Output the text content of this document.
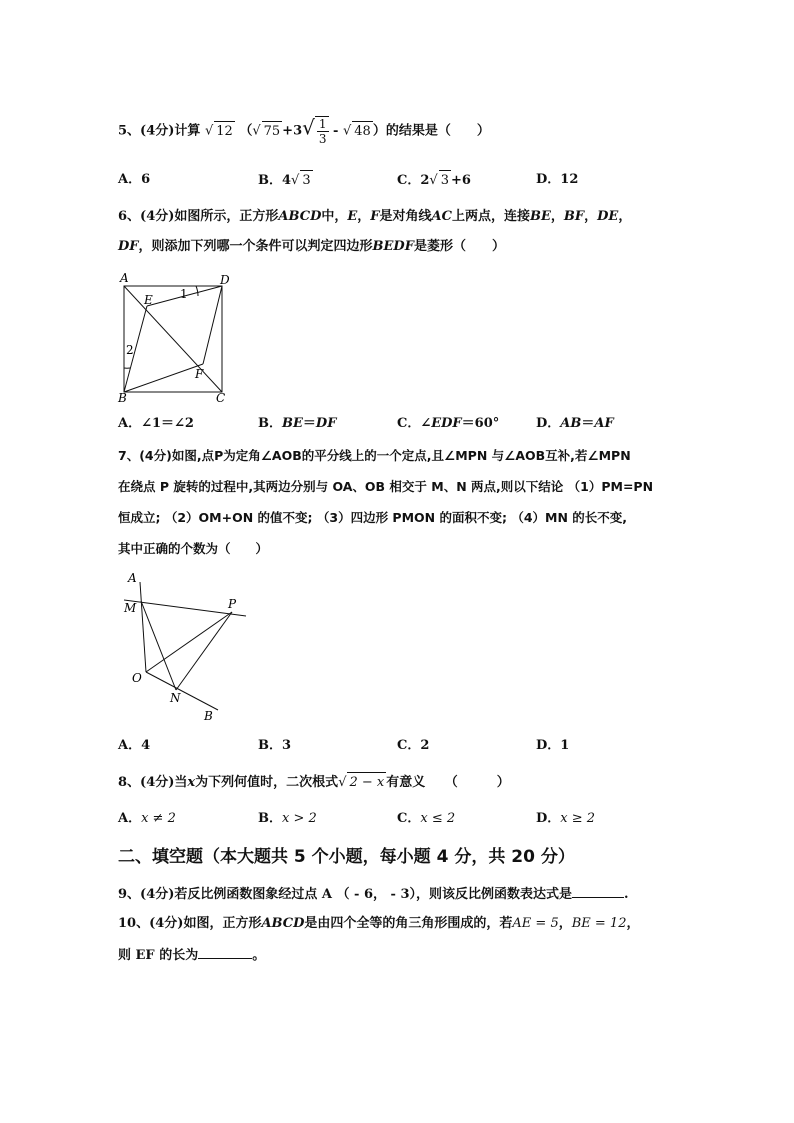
5、(4分)计算 √ 12 （√ $75 +3√ \frac{1}{3}$ - √ 48 ）的结果是（　　）
A．6	B．4√ 3	C．2√ 3 +6	D．12
6、(4分)如图所示，正方形ABCD中，E，F是对角线AC上两点，连接BE，BF，DE，
DF，则添加下列哪一个条件可以判定四边形BEDF是菱形（　　）
A	D
E 1
2
F
B	C
A．∠1＝∠2	B．BE＝DF	C．∠EDF＝60°	D．AB＝AF
7、(4分)如图,点P为定角∠AOB的平分线上的一个定点,且∠MPN 与∠AOB互补,若∠MPN
在绕点 P 旋转的过程中,其两边分别与 OA、OB 相交于 M、N 两点,则以下结论 （1）PM=PN
恒成立; （2）OM+ON 的值不变; （3）四边形 PMON 的面积不变; （4）MN 的长不变,
其中正确的个数为（　　）
A
M	P
O
N
B
A．4	B．3	C．2	D．1
8、(4分)当x为下列何值时，二次根式√ 2 − x 有意义　　（　　　）
A．x ≠ 2	B．x > 2	C．x ≤ 2	D．x ≥ 2
二、填空题（本大题共 5 个小题，每小题 4 分，共 20 分）
9、(4分)若反比例函数图象经过点 A （ - 6， - 3），则该反比例函数表达式是	.
10、(4分)如图，正方形ABCD是由四个全等的角三角形围成的，若AE = 5，BE = 12，
则 EF 的长为	。
